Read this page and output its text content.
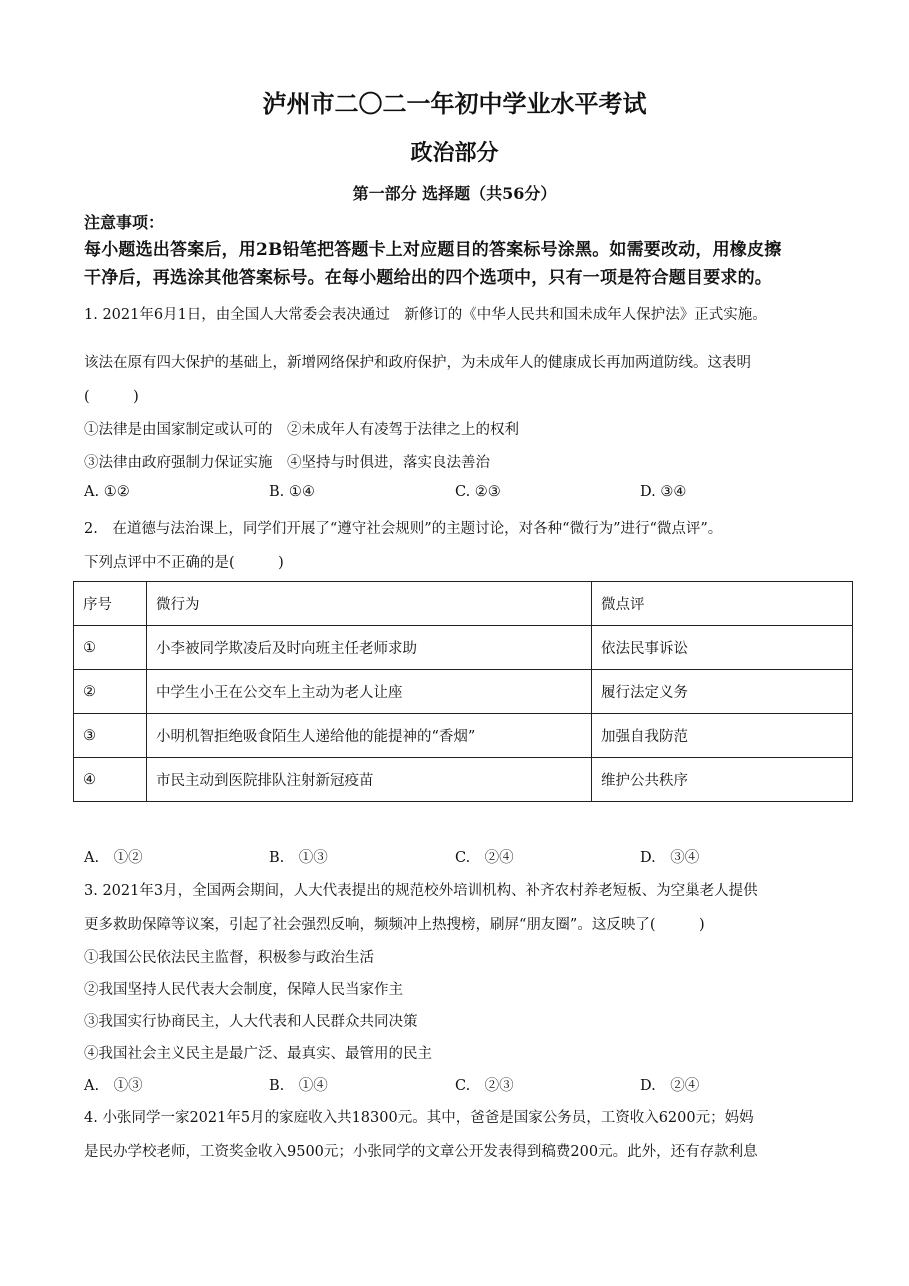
泸州市二〇二一年初中学业水平考试
政治部分
第一部分 选择题（共56分）
注意事项：
每小题选出答案后，用2B铅笔把答题卡上对应题目的答案标号涂黑。如需要改动，用橡皮擦
干净后，再选涂其他答案标号。在每小题给出的四个选项中，只有一项是符合题目要求的。
1. 2021年6月1日，由全国人大常委会表决通过　新修订的《中华人民共和国未成年人保护法》正式实施。
该法在原有四大保护的基础上，新增网络保护和政府保护，为未成年人的健康成长再加两道防线。这表明
(　　　)
①法律是由国家制定或认可的　②未成年人有凌驾于法律之上的权利
③法律由政府强制力保证实施　④坚持与时俱进，落实良法善治
A. ①②	B. ①④	C. ②③	D. ③④
2.　在道德与法治课上，同学们开展了“遵守社会规则”的主题讨论，对各种“微行为”进行“微点评”。
下列点评中不正确的是(　　　)
序号	微行为	微点评
①	小李被同学欺凌后及时向班主任老师求助	依法民事诉讼
②	中学生小王在公交车上主动为老人让座	履行法定义务
③	小明机智拒绝吸食陌生人递给他的能提神的“香烟”	加强自我防范
④	市民主动到医院排队注射新冠疫苗	维护公共秩序
A.　①②	B.　①③	C.　②④	D.　③④
3. 2021年3月，全国两会期间，人大代表提出的规范校外培训机构、补齐农村养老短板、为空巢老人提供
更多救助保障等议案，引起了社会强烈反响，频频冲上热搜榜，刷屏“朋友圈”。这反映了(　　　)
①我国公民依法民主监督，积极参与政治生活
②我国坚持人民代表大会制度，保障人民当家作主
③我国实行协商民主，人大代表和人民群众共同决策
④我国社会主义民主是最广泛、最真实、最管用的民主
A.　①③	B.　①④	C.　②③	D.　②④
4. 小张同学一家2021年5月的家庭收入共18300元。其中，爸爸是国家公务员，工资收入6200元；妈妈
是民办学校老师，工资奖金收入9500元；小张同学的文章公开发表得到稿费200元。此外，还有存款利息
